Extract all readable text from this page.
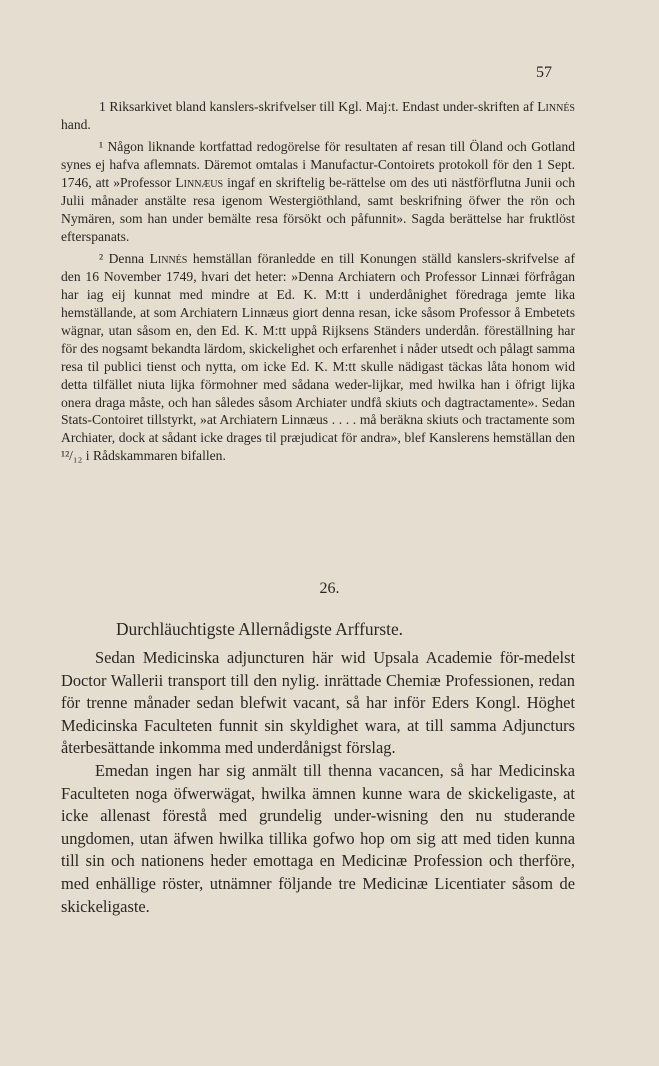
57

1 Riksarkivet bland kanslers-skrifvelser till Kgl. Maj:t. Endast under-skriften af Linnés hand.

¹ Någon liknande kortfattad redogörelse för resultaten af resan till Öland och Gotland synes ej hafva aflemnats. Däremot omtalas i Manufactur-Contoirets protokoll för den 1 Sept. 1746, att »Professor Linnæus ingaf en skriftelig be-rättelse om des uti nästförflutna Junii och Julii månader anstälte resa igenom Westergiöthland, samt beskrifning öfwer the rön och Nymären, som han under bemälte resa försökt och påfunnit». Sagda berättelse har fruktlöst efterspanats.

² Denna Linnés hemställan föranledde en till Konungen ställd kanslers-skrifvelse af den 16 November 1749, hvari det heter: »Denna Archiatern och Professor Linnæi förfrågan har iag eij kunnat med mindre at Ed. K. M:tt i underdånighet föredraga jemte lika hemställande, at som Archiatern Linnæus giort denna resan, icke såsom Professor å Embetets wägnar, utan såsom en, den Ed. K. M:tt uppå Rijksens Ständers underdån. föreställning har för des nogsamt bekandta lärdom, skickelighet och erfarenhet i nåder utsedt och pålagt samma resa til publici tienst och nytta, om icke Ed. K. M:tt skulle nädigast täckas låta honom wid detta tilfället niuta lijka förmohner med sådana weder-lijkar, med hwilka han i öfrigt lijka onera draga måste, och han således såsom Archiater undfå skiuts och dagtractamente». Sedan Stats-Contoiret tillstyrkt, »at Archiatern Linnæus . . . . må beräkna skiuts och tractamente som Archiater, dock at sådant icke drages til præjudicat för andra», blef Kanslerens hemställan den ¹²/₁₂ i Rådskammaren bifallen.

26.
Durchläuchtigste Allernådigste Arffurste.

Sedan Medicinska adjuncturen här wid Upsala Academie för-medelst Doctor Wallerii transport till den nylig. inrättade Chemiæ Professionen, redan för trenne månader sedan blefwit vacant, så har inför Eders Kongl. Höghet Medicinska Faculteten funnit sin skyldighet wara, at till samma Adjuncturs återbesättande inkomma med underdånigst förslag.

Emedan ingen har sig anmält till thenna vacancen, så har Medicinska Faculteten noga öfwerwägat, hwilka ämnen kunne wara de skickeligaste, at icke allenast förestå med grundelig under-wisning den nu studerande ungdomen, utan äfwen hwilka tillika gofwo hop om sig att med tiden kunna till sin och nationens heder emottaga en Medicinæ Profession och therföre, med enhällige röster, utnämner följande tre Medicinæ Licentiater såsom de skickeligaste.
